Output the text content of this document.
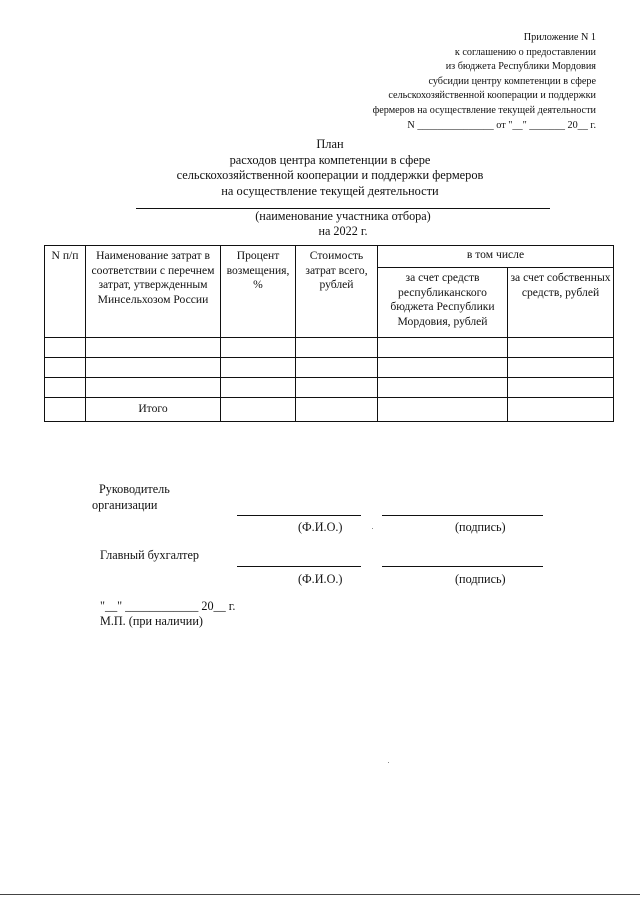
Приложение N 1
к соглашению о предоставлении
из бюджета Республики Мордовия
субсидии центру компетенции в сфере
сельскохозяйственной кооперации и поддержки
фермеров на осуществление текущей деятельности
N _______________ от "__" _______ 20__ г.
План
расходов центра компетенции в сфере
сельскохозяйственной кооперации и поддержки фермеров
на осуществление текущей деятельности
(наименование участника отбора)
на 2022 г.
N п/п	Наименование затрат в соответствии с перечнем затрат, утвержденным Минсельхозом России	Процент возмещения, %	Стоимость затрат всего, рублей	в том числе	
				за счет средств республиканского бюджета Республики Мордовия, рублей	за счет собственных средств, рублей

	Итого				
Руководитель
организации
(Ф.И.О.)	(подпись)
Главный бухгалтер
(Ф.И.О.)	(подпись)
"__" ____________ 20__ г.
М.П. (при наличии)
